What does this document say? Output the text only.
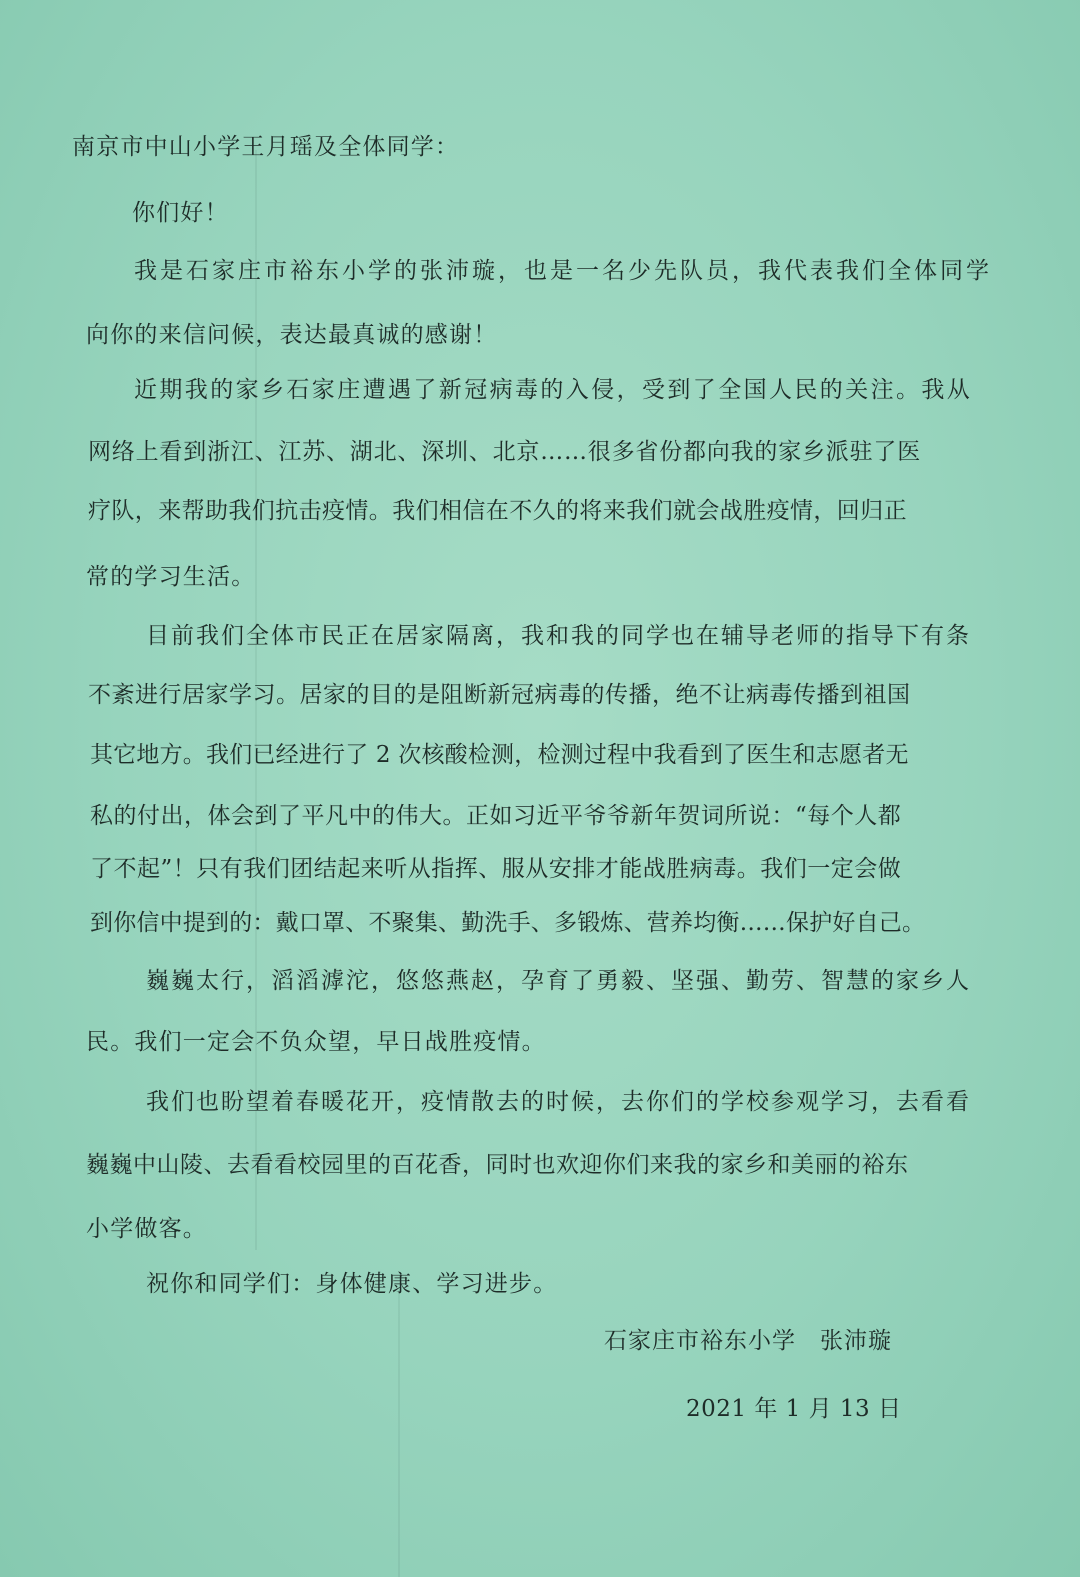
南京市中山小学王月瑶及全体同学：
你们好！
我是石家庄市裕东小学的张沛璇，也是一名少先队员，我代表我们全体同学
向你的来信问候，表达最真诚的感谢！
近期我的家乡石家庄遭遇了新冠病毒的入侵，受到了全国人民的关注。我从
网络上看到浙江、江苏、湖北、深圳、北京……很多省份都向我的家乡派驻了医
疗队，来帮助我们抗击疫情。我们相信在不久的将来我们就会战胜疫情，回归正
常的学习生活。
目前我们全体市民正在居家隔离，我和我的同学也在辅导老师的指导下有条
不紊进行居家学习。居家的目的是阻断新冠病毒的传播，绝不让病毒传播到祖国
其它地方。我们已经进行了 2 次核酸检测，检测过程中我看到了医生和志愿者无
私的付出，体会到了平凡中的伟大。正如习近平爷爷新年贺词所说：“每个人都
了不起”！只有我们团结起来听从指挥、服从安排才能战胜病毒。我们一定会做
到你信中提到的：戴口罩、不聚集、勤洗手、多锻炼、营养均衡……保护好自己。
巍巍太行，滔滔滹沱，悠悠燕赵，孕育了勇毅、坚强、勤劳、智慧的家乡人
民。我们一定会不负众望，早日战胜疫情。
我们也盼望着春暖花开，疫情散去的时候，去你们的学校参观学习，去看看
巍巍中山陵、去看看校园里的百花香，同时也欢迎你们来我的家乡和美丽的裕东
小学做客。
祝你和同学们：身体健康、学习进步。
石家庄市裕东小学　张沛璇
2021 年 1 月 13 日
